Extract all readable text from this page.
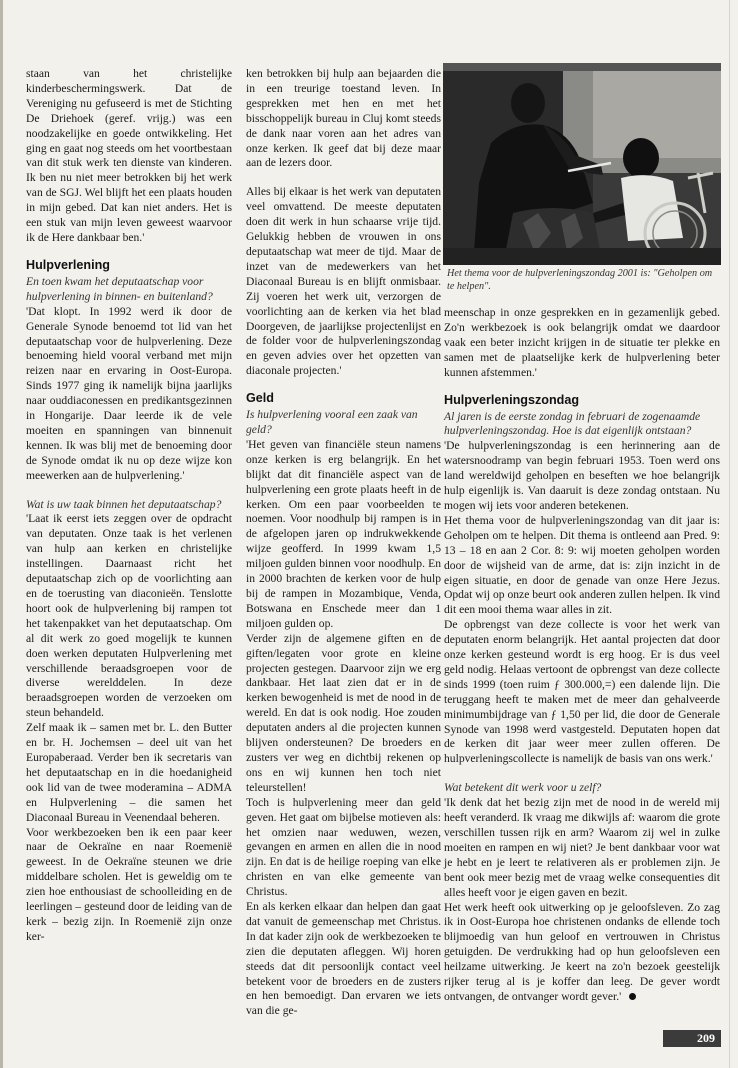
staan van het christelijke kinderbeschermingswerk. Dat de Vereniging nu gefuseerd is met de Stichting De Driehoek (geref. vrijg.) was een noodzakelijke en goede ontwikkeling. Het ging en gaat nog steeds om het voortbestaan van dit stuk werk ten dienste van kinderen. Ik ben nu niet meer betrokken bij het werk van de SGJ. Wel blijft het een plaats houden in mijn gebed. Dat kan niet anders. Het is een stuk van mijn leven geweest waarvoor ik de Here dankbaar ben.'

Hulpverlening

En toen kwam het deputaatschap voor hulpverlening in binnen- en buitenland?

'Dat klopt. In 1992 werd ik door de Generale Synode benoemd tot lid van het deputaatschap voor de hulpverlening. Deze benoeming hield vooral verband met mijn reizen naar en ervaring in Oost-Europa. Sinds 1977 ging ik namelijk bijna jaarlijks naar ouddiaconessen en predikantsgezinnen in Hongarije. Daar leerde ik de vele moeiten en spanningen van binnenuit kennen. Ik was blij met de benoeming door de Synode omdat ik nu op deze wijze kon meewerken aan de hulpverlening.'

Wat is uw taak binnen het deputaatschap?

'Laat ik eerst iets zeggen over de opdracht van deputaten. Onze taak is het verlenen van hulp aan kerken en christelijke instellingen. Daarnaast richt het deputaatschap zich op de voorlichting aan en de toerusting van diaconieën. Tenslotte hoort ook de hulpverlening bij rampen tot het takenpakket van het deputaatschap. Om al dit werk zo goed mogelijk te kunnen doen werken deputaten Hulpverlening met verschillende beraadsgroepen voor de diverse werelddelen. In deze beraadsgroepen worden de verzoeken om steun behandeld.

Zelf maak ik – samen met br. L. den Butter en br. H. Jochemsen – deel uit van het Europaberaad. Verder ben ik secretaris van het deputaatschap en in die hoedanigheid ook lid van de twee moderamina – ADMA en Hulpverlening – die samen het Diaconaal Bureau in Veenendaal beheren.

Voor werkbezoeken ben ik een paar keer naar de Oekraïne en naar Roemenië geweest. In de Oekraïne steunen we drie middelbare scholen. Het is geweldig om te zien hoe enthousiast de schoolleiding en de leerlingen – gesteund door de leiding van de kerk – bezig zijn. In Roemenië zijn onze ker-

ken betrokken bij hulp aan bejaarden die in een treurige toestand leven. In gesprekken met hen en met het bisschoppelijk bureau in Cluj komt steeds de dank naar voren aan het adres van onze kerken. Ik geef dat bij deze maar aan de lezers door.

Alles bij elkaar is het werk van deputaten veel omvattend. De meeste deputaten doen dit werk in hun schaarse vrije tijd. Gelukkig hebben de vrouwen in ons deputaatschap wat meer de tijd. Maar de inzet van de medewerkers van het Diaconaal Bureau is en blijft onmisbaar. Zij voeren het werk uit, verzorgen de voorlichting aan de kerken via het blad Doorgeven, de jaarlijkse projectenlijst en de folder voor de hulpverleningszondag en geven advies over het opzetten van diaconale projecten.'

Geld

Is hulpverlening vooral een zaak van geld?

'Het geven van financiële steun namens onze kerken is erg belangrijk. En het blijkt dat dit financiële aspect van de hulpverlening een grote plaats heeft in de kerken. Om een paar voorbeelden te noemen. Voor noodhulp bij rampen is in de afgelopen jaren op indrukwekkende wijze geofferd. In 1999 kwam 1,5 miljoen gulden binnen voor noodhulp. En in 2000 brachten de kerken voor de hulp bij de rampen in Mozambique, Venda, Botswana en Enschede meer dan 1 miljoen gulden op.

Verder zijn de algemene giften en de giften/legaten voor grote en kleine projecten gestegen. Daarvoor zijn we erg dankbaar. Het laat zien dat er in de kerken bewogenheid is met de nood in de wereld. En dat is ook nodig. Hoe zouden deputaten anders al die projecten kunnen blijven ondersteunen? De broeders en zusters ver weg en dichtbij rekenen op ons en wij kunnen hen toch niet teleurstellen!

Toch is hulpverlening meer dan geld geven. Het gaat om bijbelse motieven als: het omzien naar weduwen, wezen, gevangen en armen en allen die in nood zijn. En dat is de heilige roeping van elke christen en van elke gemeente van Christus.

En als kerken elkaar dan helpen dan gaat dat vanuit de gemeenschap met Christus. In dat kader zijn ook de werkbezoeken te zien die deputaten afleggen. Wij horen steeds dat dit persoonlijk contact veel betekent voor de broeders en de zusters en hen bemoedigt. Dan ervaren we iets van die ge-

Het thema voor de hulpverleningszondag 2001 is: "Geholpen om te helpen".

meenschap in onze gesprekken en in gezamenlijk gebed. Zo'n werkbezoek is ook belangrijk omdat we daardoor vaak een beter inzicht krijgen in de situatie ter plekke en samen met de plaatselijke kerk de hulpverlening beter kunnen afstemmen.'

Hulpverleningszondag

Al jaren is de eerste zondag in februari de zogenaamde hulpverleningszondag. Hoe is dat eigenlijk ontstaan?

'De hulpverleningszondag is een herinnering aan de watersnoodramp van begin februari 1953. Toen werd ons land wereldwijd geholpen en beseften we hoe belangrijk hulp eigenlijk is. Van daaruit is deze zondag ontstaan. Nu mogen wij iets voor anderen betekenen.

Het thema voor de hulpverleningszondag van dit jaar is: Geholpen om te helpen. Dit thema is ontleend aan Pred. 9: 13 – 18 en aan 2 Cor. 8: 9: wij moeten geholpen worden door de wijsheid van de arme, dat is: zijn inzicht in de eigen situatie, en door de genade van onze Here Jezus. Opdat wij op onze beurt ook anderen zullen helpen. Ik vind dit een mooi thema waar alles in zit.

De opbrengst van deze collecte is voor het werk van deputaten enorm belangrijk. Het aantal projecten dat door onze kerken gesteund wordt is erg hoog. Er is dus veel geld nodig. Helaas vertoont de opbrengst van deze collecte sinds 1999 (toen ruim ƒ 300.000,=) een dalende lijn. Die teruggang heeft te maken met de meer dan gehalveerde minimumbijdrage van ƒ 1,50 per lid, die door de Generale Synode van 1998 werd vastgesteld. Deputaten hopen dat de kerken dit jaar weer meer zullen offeren. De hulpverleningscollecte is namelijk de basis van ons werk.'

Wat betekent dit werk voor u zelf?

'Ik denk dat het bezig zijn met de nood in de wereld mij heeft veranderd. Ik vraag me dikwijls af: waarom die grote verschillen tussen rijk en arm? Waarom zij wel in zulke moeiten en rampen en wij niet? Je bent dankbaar voor wat je hebt en je leert te relativeren als er problemen zijn. Je bent ook meer bezig met de vraag welke consequenties dit alles heeft voor je eigen gaven en bezit.

Het werk heeft ook uitwerking op je geloofsleven. Zo zag ik in Oost-Europa hoe christenen ondanks de ellende toch blijmoedig van hun geloof en vertrouwen in Christus getuigden. De verdrukking had op hun geloofsleven een heilzame uitwerking. Je keert na zo'n bezoek geestelijk rijker terug al is je koffer dan leeg. De gever wordt ontvangen, de ontvanger wordt gever.'

209
